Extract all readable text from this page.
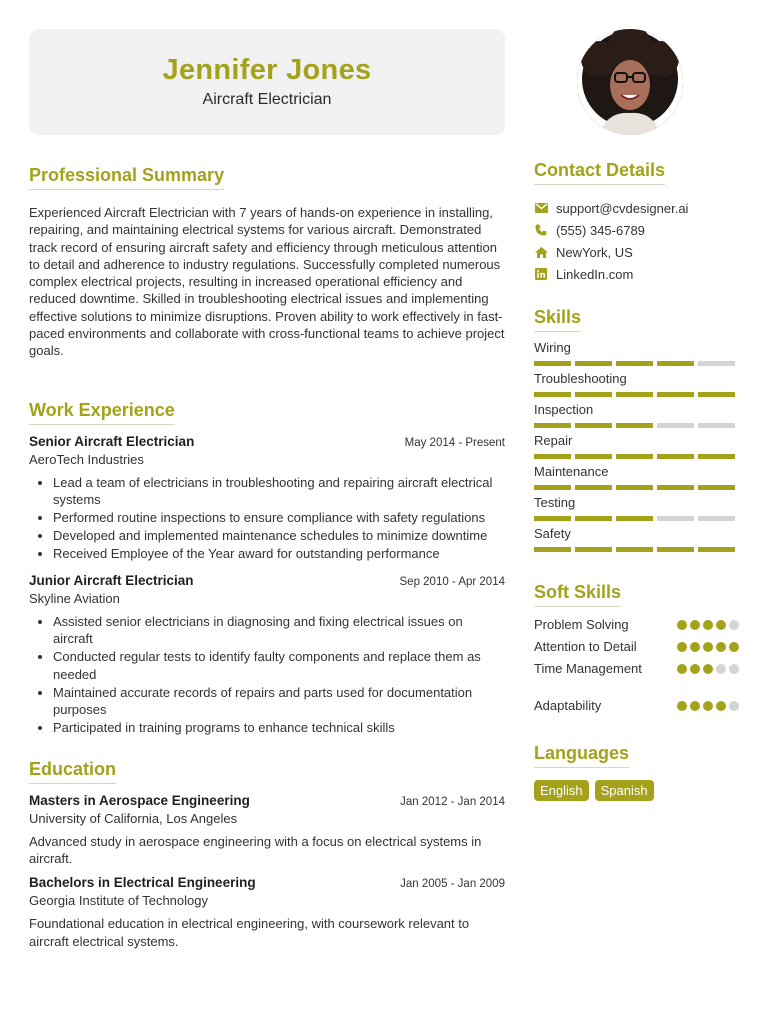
Jennifer Jones
Aircraft Electrician
Professional Summary

Experienced Aircraft Electrician with 7 years of hands-on experience in installing, repairing, and maintaining electrical systems for various aircraft. Demonstrated track record of ensuring aircraft safety and efficiency through meticulous attention to detail and adherence to industry regulations. Successfully completed numerous complex electrical projects, resulting in increased operational efficiency and reduced downtime. Skilled in troubleshooting electrical issues and implementing effective solutions to minimize disruptions. Proven ability to work effectively in fast-paced environments and collaborate with cross-functional teams to achieve project goals.

Work Experience
Senior Aircraft Electrician	May 2014 - Present
AeroTech Industries
• Lead a team of electricians in troubleshooting and repairing aircraft electrical systems
• Performed routine inspections to ensure compliance with safety regulations
• Developed and implemented maintenance schedules to minimize downtime
• Received Employee of the Year award for outstanding performance
Junior Aircraft Electrician	Sep 2010 - Apr 2014
Skyline Aviation
• Assisted senior electricians in diagnosing and fixing electrical issues on aircraft
• Conducted regular tests to identify faulty components and replace them as needed
• Maintained accurate records of repairs and parts used for documentation purposes
• Participated in training programs to enhance technical skills
Education
Masters in Aerospace Engineering	Jan 2012 - Jan 2014
University of California, Los Angeles

Advanced study in aerospace engineering with a focus on electrical systems in aircraft.

Bachelors in Electrical Engineering	Jan 2005 - Jan 2009
Georgia Institute of Technology

Foundational education in electrical engineering, with coursework relevant to aircraft electrical systems.

Contact Details
support@cvdesigner.ai
(555) 345-6789
NewYork, US
LinkedIn.com
Skills
Wiring
Troubleshooting
Inspection
Repair
Maintenance
Testing
Safety
Soft Skills
Problem Solving
Attention to Detail
Time Management
Adaptability
Languages
English	Spanish
